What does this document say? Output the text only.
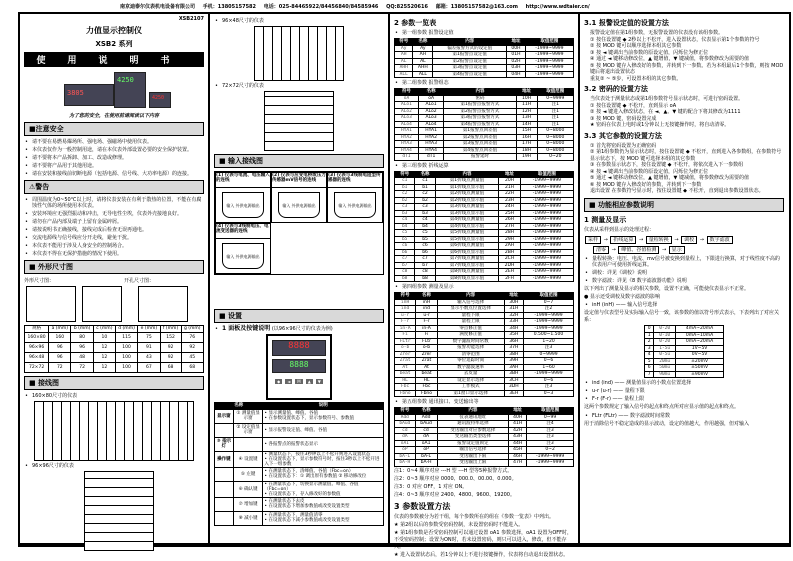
南京迪泰尔仪表机电设备有限公司 手机：13805157582 电话：025-84465922/84456840/84585946 QQ:825520616 邮箱：13805157582@163.com http://www.wdtaier.cn/
XSB2107
力值显示控制仪
XSB2 系列
使用说明书
3805
4250
4250
为了您的安全，在使用前请阅读以下内容
■注意安全
• 请不要在易燃易爆场所、强电场、强磁场中使用仪表。
• 本仪表仅作为一般控制用途，请在本仪表外部设置必要的安全保护装置。
• 请不要将本产品拆卸、加工、改造或修理。
• 请不要将产品用于其他用途。
• 请在安装和接线前切断电源（包括电源、信号线、大功率电源）的连接。
⚠警告
• 周围温度为0~50℃以上时，请将仪表安装在有利于散热的位置，不能在有腐蚀性气体的场所使用本仪表。
• 安装环境应无强烈振动和冲击，无导电性尘埃，仪表外壳接地良好。
• 请勿在产品内部及端子上留有金属碎屑。
• 请按说明书正确接线，接线完成后检查无误再通电。
• 交流电源线与信号线应分开走线，避免干扰。
• 本仪表不能用于涉及人身安全的控制场合。
• 本仪表不得在无保护措施的情况下使用。
■ 外形尺寸图
外形尺寸图：	开孔尺寸图：
规格	a (mm)	b (mm)	c (mm)	d (mm)	e (mm)	f (mm)	g (mm)
160×80	160	80	10	115	75	152	76
96×96	96	96	12	100	91	92	92
96×48	96	48	12	100	43	92	45
72×72	72	72	12	100	67	68	68
■ 接线图
• 160×80尺寸的仪表
• 96×96尺寸的仪表
• 96×48尺寸的仪表
• 72×72尺寸的仪表
■ 输入接线图
(1) 仪表与电流、电压输入的连线
输入 外供电源输出
(2) 仪表与应变电桥或压力传感器mV信号的连线
输入 外供电源输出
(3) 仪表与3线制电阻型传感器的连线
输入 外供电源输出
(4) 仪表与3线制电压、电流变送器的连线
输入 外供电源输出
■ 设置
• 1 面板及按键说明 (以96×96尺寸的仪表为例)
8888 8888
◆	◄	M	▲	▼
名称		说明
显示窗	① 测量值显示窗	• 显示测量值、峰值、谷值
• 在参数设置状态下，显示参数符号、参数值
	② 设定值显示窗	• 显示报警设定值、峰值、谷值
③ 指示灯		• 各报警点的报警状态显示
操作键	④ 设置键	• 测量状态下，按住3秒钟以上不松开则进入设置状态
• 在设置状态下，显示参数符号时，按住3秒以上不松开进入下一组参数
	⑤ 左键	• 在测量状态下，清峰值、谷值（Fbc=on）
• 在设置状态下：① 调出原有参数值 ② 移动修改位
	⑥ 确认键	• 在测量状态下，切换显示测量值、峰值、谷值（Fbc=on）
• 在设置状态下，存入修改好的参数值
	⑦ 增加键	• 在测量状态下去皮
• 在设置状态下增加参数值或改变设置类型
	⑧ 减小键	• 在测量状态下，测量值清零
• 在设置状态下减小参数值或改变设置类型
2 参数一览表
• 第一组参数 报警设定值
符号	名称	内容	地址	取值范围
Ay	Ay	偏差报警方式的设定值	00H	-1999~9999
AH	AH	第1报警点设定值	01H	-1999~9999
AL	AL	第2报警点设定值	02H	-1999~9999
AHH	AHH	第3报警点设定值	03H	-1999~9999
ALL	ALL	第4报警点设定值	04H	-1999~9999
• 第二组参数 报警组态
符号	名称	内容	地址	取值范围
oA	oA	密码	10H	0~9999
ALo1	ALo1	第1报警点报警方式	11H	注1
ALo2	ALo2	第2报警点报警方式	12H	注1
ALo3	ALo3	第3报警点报警方式	13H	注1
ALo4	ALo4	第4报警点报警方式	14H	注1
HYA1	HYA1	第1报警点回差值	15H	0~8000
HYA2	HYA2	第2报警点回差值	16H	0~8000
HYA3	HYA3	第3报警点回差值	17H	0~8000
HYA4	HYA4	第4报警点回差值	18H	0~8000
dT1	dT1	报警延时	19H	0~20
• 第三组参数 折线运算
符号	名称	内容	地址	取值范围
c1	c1	第1折线点测量值	20H	-1999~9999
b1	b1	第1折线点显示值	21H	-1999~9999
c2	c2	第2折线点测量值	22H	-1999~9999
b2	b2	第2折线点显示值	23H	-1999~9999
c3	c3	第3折线点测量值	24H	-1999~9999
b3	b3	第3折线点显示值	25H	-1999~9999
c4	c4	第4折线点测量值	26H	-1999~9999
b4	b4	第4折线点显示值	27H	-1999~9999
c5	c5	第5折线点测量值	28H	-1999~9999
b5	b5	第5折线点显示值	29H	-1999~9999
c6	c6	第6折线点测量值	2AH	-1999~9999
b6	b6	第6折线点显示值	2BH	-1999~9999
c7	c7	第7折线点测量值	2CH	-1999~9999
b7	b7	第7折线点显示值	2DH	-1999~9999
c8	c8	第8折线点测量值	2EH	-1999~9999
b8	b8	第8折线点显示值	2FH	-1999~9999
• 第四组参数 测量及显示
符号	名称	内容	地址	取值范围
inH	inH	输入信号选择	30H	0~7
ind	ind	显示小数点位置选择	31H	注2
u-r	u-r	量程下限	32H	-1999~9999
F-r	F-r	量程上限	33H	-1999~9999
in-A	in-A	零点修正值	34H	-1999~9999
Fi	Fi	满度修正值	35H	0.500~1.500
FLtr	FLtr	数字滤波时间常数	36H	1~20
o-b	o-b	报警功能选择	37H	注3
Zrer	Zrer	清零范围	38H	0~9999
Zrat	Zrat	零位追踪时间	39H	0~6
At	At	数字滤波速率	3AH	1~60
beat	beat	去皮量	3BH	-1999~9999
HL	HL	设定显示选择	3CH	0~6
Fbc	Fbc	工作模式	3DH	注3
Fbno	Fbno	第1窗口显示选择	3EH	0~3
• 第五组参数 通讯接口、变送输出等
符号	名称	内容	地址	取值范围
Add	Add	仪表通讯地址	40H	0~99
bAud	bAud	通讯波特率选择	41H	注4
cd	cd	变送输出对应参数选择	42H	注3
dA	dA	变送输出类型选择	43H	注3
oA1	oA1	报警设定值锁定	44H	注3
oP	oP	输出信号选择	45H	0~2
bA-L	bA-L	变送输出下限	46H	-1999~9999
bA-H	bA-H	变送输出上限	47H	-1999~9999
注1：0~4 顺序对应 ---H 型 ---H 型等5种报警方式。
注2：0~3 顺序对应 0000、000.0、00.00、0.000。
注3：0 对应 OFF，1 对应 ON。
注4：0~3 顺序对应 2400、4800、9600、19200。
3 参数设置方法
仪表的参数被分为若干组，每个参数所在的组在《参数一览表》中列出。
★ 第2组以后的参数受密码控制，未设置密码时不能进入。
★ 第1组参数是否受密码控制可以通过设置 oA1 参数选择，oA1 设置为OFF时，不受密码控制；设置为ON时，若未设置密码，则只可以进入，修改，但不能存入。
★ 进入设置状态后，若1分钟以上不进行按键操作，仪表将自动退出设置状态。
3.1 报警设定值的设置方法
报警设定值在第1组参数，无报警设置的仪表没有该组参数。
① 按住设置键 ◆ 2秒以上不松开，进入设置状态，仪表显示第1个参数的符号
② 按 MOD 键可以顺序选择本组其它参数
③ 按 ◄ 键调出当前参数的原设定值，闪烁位为修正位
④ 通过 ◄ 键移动修改位，▲ 键增值，▼ 键减值，将参数修改为需要的值
⑤ 按 MOD 键存入修改好的参数，并转到下一参数。若为本组最后1个参数，则按 MOD 键后将退出设置状态
重复② ~ ⑤步，可设置本组的其它参数。
3.2 密码的设置方法
当仪表处于测量状态或第1组参数符号显示状态时，可进行密码设置。
① 按住设置键 ◆ 不松开，直到显示 oA
② 按 ◄ 键进入修改状态，在 ◄、▲、▼ 键的配合下将其修改为1111
③ 按 MOD 键，密码设置完成
★ 密码在仪表上电时或1分钟以上无按键操作时，将自动清零。
3.3 其它参数的设置方法
① 首先将密码设置为正确密码
② 第1组参数仍为显示状态时，按住设置键 ◆ 不松开，直到进入各参数组，在参数符号显示状态下，按 MOD 键可选择本组的其它参数
③ 在参数显示状态下，按住设置键 ◆ 不松开，将依次进入下一参数组
④ 按 ◄ 键调出当前参数的原设定值，闪烁位为修正位
⑤ 通过 ◄ 键移动修改位，▲ 键增值，▼ 键减值，将参数修改为需要的值
⑥ 按 MOD 键存入修改好的参数，并转到下一参数
退出设置 在参数符号显示时，按住设置键 ◆ 不松开，直到退出参数设置状态。
■ 功能相应参数说明
1 测量及显示

仪表从采样到显示的处理过程：

采样 → 折线运算 → 量程转换 → 调校 → 数字滤波
清零 → 峰值、谷值检测 → 显示
• 量程转换：电压、电流、mv信号被变换到量程上，下限进行换算，对于线性度不高的仪表用户可使用折线运算。
• 调校：详见《调校》说明
• 数字滤波：详见《8 数字滤波器功能》说明

以下列出了测量及显示的相关参数，设置不正确，可能使仪表显示不正常。

● 显示还受调校及数字滤波的影响

• inH (inH) —— 输入信号选择

设定值与仪表型号及实际输入信号一致，该参数的值以符号形式表示，下表列出了对应关系：

0	0-20	4mA~20mA
1	0-10	0mA~10mA
2	0-20	0mA~20mA
3	1-5u	1V~5V
4	0-5u	0V~5V
5	20mu	±20mV
6	50mu	±50mV
7	90mu	±90mV
• ind (ind) —— 测量值显示的小数点位置选择
• u-r (u-r) —— 量程下限
• F-r (F-r) —— 量程上限

这两个参数规定了输入信号的起点和终点所对应显示值的起点和终点。

• FLtr (FLtr) —— 数字滤波时间常数

用于消除信号不稳定造成的显示波动，设定的值越大，作用越强，但对输入
